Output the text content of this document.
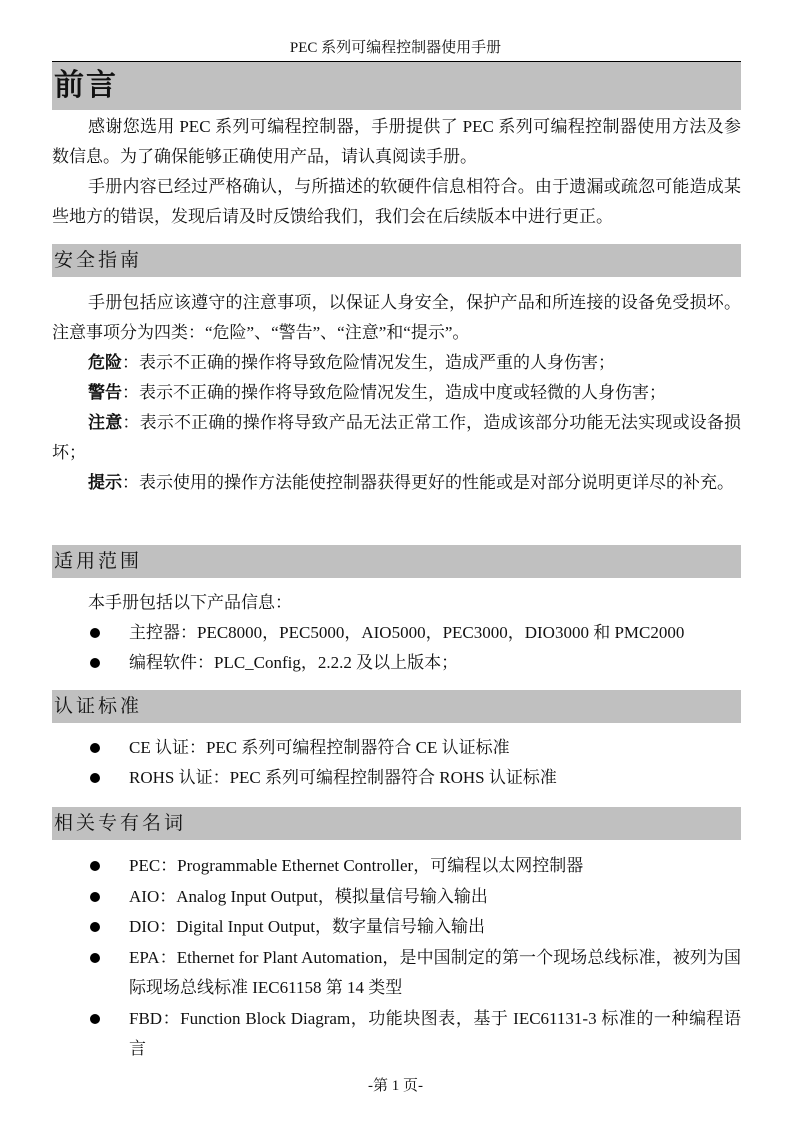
PEC 系列可编程控制器使用手册
前言

感谢您选用 PEC 系列可编程控制器，手册提供了 PEC 系列可编程控制器使用方法及参数信息。为了确保能够正确使用产品，请认真阅读手册。

手册内容已经过严格确认，与所描述的软硬件信息相符合。由于遗漏或疏忽可能造成某些地方的错误，发现后请及时反馈给我们，我们会在后续版本中进行更正。

安全指南

手册包括应该遵守的注意事项，以保证人身安全，保护产品和所连接的设备免受损坏。注意事项分为四类：“危险”、“警告”、“注意”和“提示”。

危险：表示不正确的操作将导致危险情况发生，造成严重的人身伤害；

警告：表示不正确的操作将导致危险情况发生，造成中度或轻微的人身伤害；

注意：表示不正确的操作将导致产品无法正常工作，造成该部分功能无法实现或设备损坏；

提示：表示使用的操作方法能使控制器获得更好的性能或是对部分说明更详尽的补充。

适用范围

本手册包括以下产品信息：

主控器：PEC8000，PEC5000，AIO5000，PEC3000，DIO3000 和 PMC2000
编程软件：PLC_Config，2.2.2 及以上版本；
认证标准
CE 认证：PEC 系列可编程控制器符合 CE 认证标准
ROHS 认证：PEC 系列可编程控制器符合 ROHS 认证标准
相关专有名词
PEC：Programmable Ethernet Controller，可编程以太网控制器
AIO：Analog Input Output，模拟量信号输入输出
DIO：Digital Input Output，数字量信号输入输出
EPA：Ethernet for Plant Automation，是中国制定的第一个现场总线标准，被列为国际现场总线标准 IEC61158 第 14 类型
FBD：Function Block Diagram，功能块图表，基于 IEC61131-3 标准的一种编程语言
-第 1 页-
